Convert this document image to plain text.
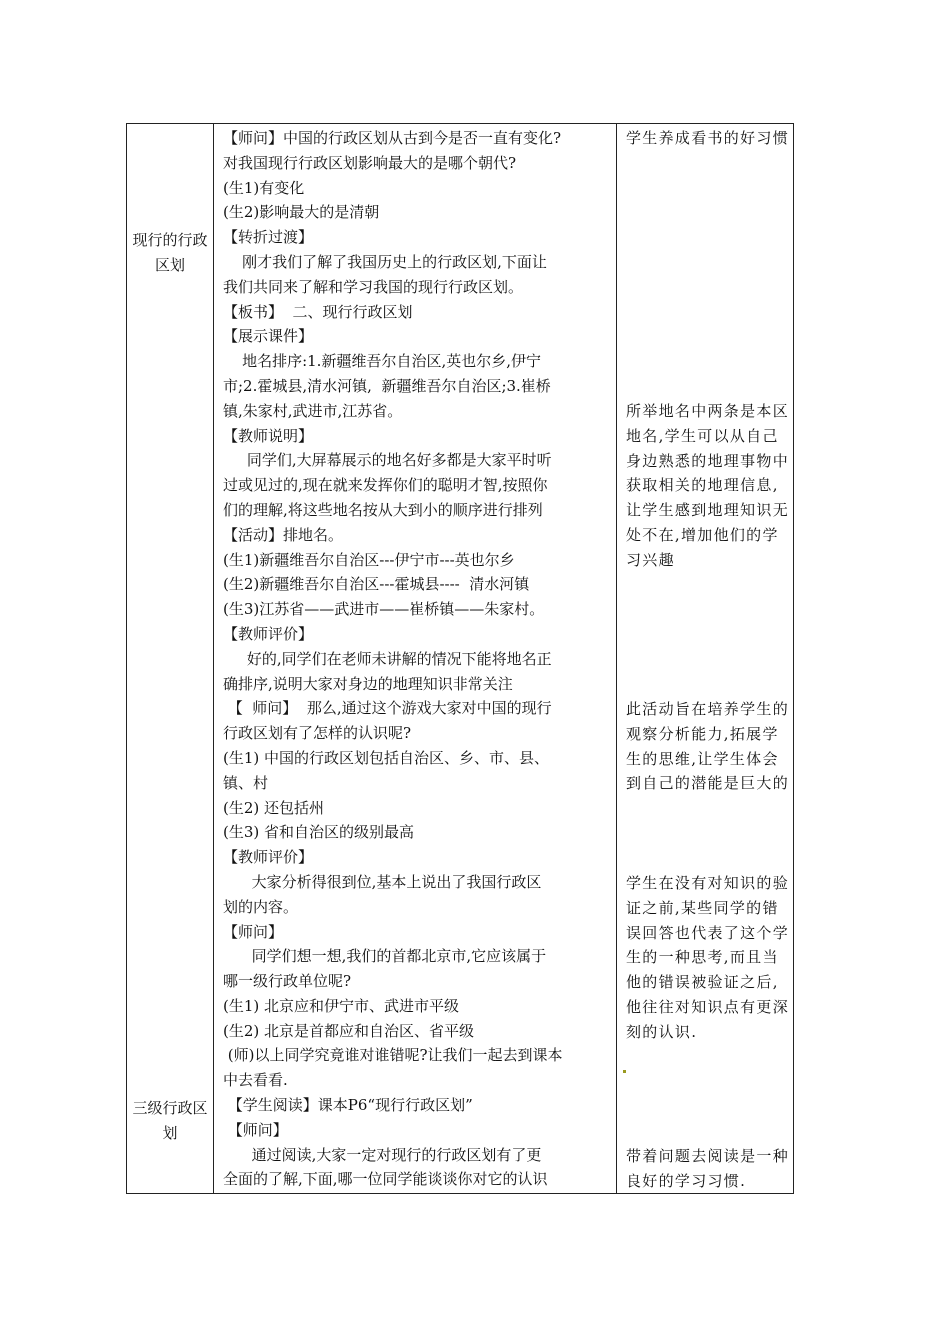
现行的行政区划
三级行政区划
【师问】中国的行政区划从古到今是否一直有变化?
对我国现行行政区划影响最大的是哪个朝代?
(生1)有变化
(生2)影响最大的是清朝
【转折过渡】
刚才我们了解了我国历史上的行政区划,下面让
我们共同来了解和学习我国的现行行政区划。
【板书】  二、现行行政区划
【展示课件】
地名排序:1.新疆维吾尔自治区,英也尔乡,伊宁
市;2.霍城县,清水河镇,  新疆维吾尔自治区;3.崔桥
镇,朱家村,武进市,江苏省。
【教师说明】
同学们,大屏幕展示的地名好多都是大家平时听
过或见过的,现在就来发挥你们的聪明才智,按照你
们的理解,将这些地名按从大到小的顺序进行排列
【活动】排地名。
(生1)新疆维吾尔自治区---伊宁市---英也尔乡
(生2)新疆维吾尔自治区---霍城县----  清水河镇
(生3)江苏省——武进市——崔桥镇——朱家村。
【教师评价】
好的,同学们在老师未讲解的情况下能将地名正
确排序,说明大家对身边的地理知识非常关注
【  师问】  那么,通过这个游戏大家对中国的现行
行政区划有了怎样的认识呢?
(生1) 中国的行政区划包括自治区、乡、市、县、
镇、村
(生2) 还包括州
(生3) 省和自治区的级别最高
【教师评价】
大家分析得很到位,基本上说出了我国行政区
划的内容。
【师问】
同学们想一想,我们的首都北京市,它应该属于
哪一级行政单位呢?
(生1) 北京应和伊宁市、武进市平级
(生2) 北京是首都应和自治区、省平级
(师)以上同学究竟谁对谁错呢?让我们一起去到课本
中去看看.
【学生阅读】课本P6“现行行政区划”
【师问】
通过阅读,大家一定对现行的行政区划有了更
全面的了解,下面,哪一位同学能谈谈你对它的认识
学生养成看书的好习惯
所举地名中两条是本区地名,学生可以从自己身边熟悉的地理事物中获取相关的地理信息,让学生感到地理知识无处不在,增加他们的学习兴趣
此活动旨在培养学生的观察分析能力,拓展学生的思维,让学生体会到自己的潜能是巨大的
学生在没有对知识的验证之前,某些同学的错误回答也代表了这个学生的一种思考,而且当他的错误被验证之后,他往往对知识点有更深刻的认识.
带着问题去阅读是一种良好的学习习惯.
